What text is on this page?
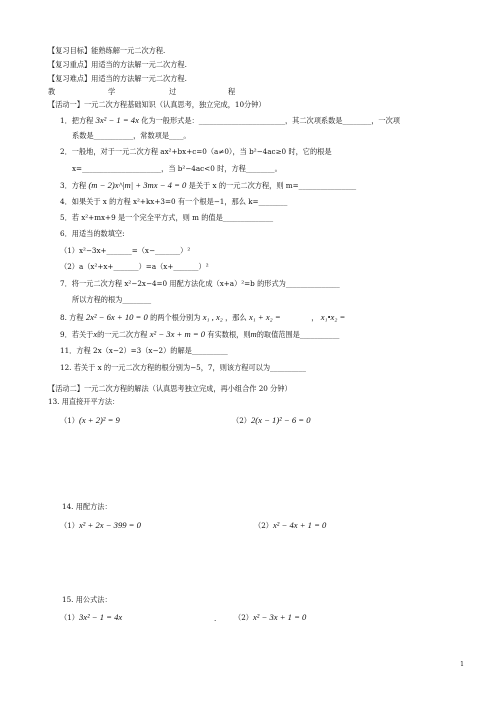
【复习目标】能熟练解一元二次方程.
【复习重点】用适当的方法解一元二次方程.
【复习难点】用适当的方法解一元二次方程.
教	学	过	程
【活动一】一元二次方程基础知识（认真思考，独立完成，10分钟）
1．把方程 3x² − 1 = 4x 化为一般形式是：________________________，其二次项系数是________，一次项
系数是___________，常数项是____。
2．一般地，对于一元二次方程 ax²+bx+c=0（a≠0），当 b²−4ac≥0 时，它的根是
x=______________________，当 b²−4ac<0 时，方程________。
3．方程 (m − 2)x^|m| + 3mx − 4 = 0 是关于 x 的一元二次方程，则 m=________________
4．如果关于 x 的方程 x²+kx+3=0 有一个根是−1，那么 k=________
5．若 x²+mx+9 是一个完全平方式，则 m 的值是______________
6．用适当的数填空:
（1）x²−3x+_______=（x−_______）²
（2）a（x²+x+_______）=a（x+_______）²
7．将一元二次方程 x²−2x−4=0 用配方法化成（x+a）²=b 的形式为_______________
所以方程的根为________
8. 方程 2x² − 6x + 10 = 0 的两个根分别为 x₁ , x₂ ，那么 x₁ + x₂ =	， x₁•x₂ =
9．若关于x的一元二次方程 x² − 3x + m = 0 有实数根，则m的取值范围是___________
11．方程 2x（x−2）=3（x−2）的解是__________
12. 若关于 x 的一元二次方程的根分别为−5，7，则该方程可以为__________
【活动二】一元二次方程的解法（认真思考独立完成，再小组合作 20 分钟）
13. 用直接开平方法：
（1）(x + 2)² = 9	（2）2(x − 1)² − 6 = 0
14. 用配方法：
（1）x² + 2x − 399 = 0	（2）x² − 4x + 1 = 0
15. 用公式法：
（1）3x² − 1 = 4x	. （2）x² − 3x + 1 = 0
1
